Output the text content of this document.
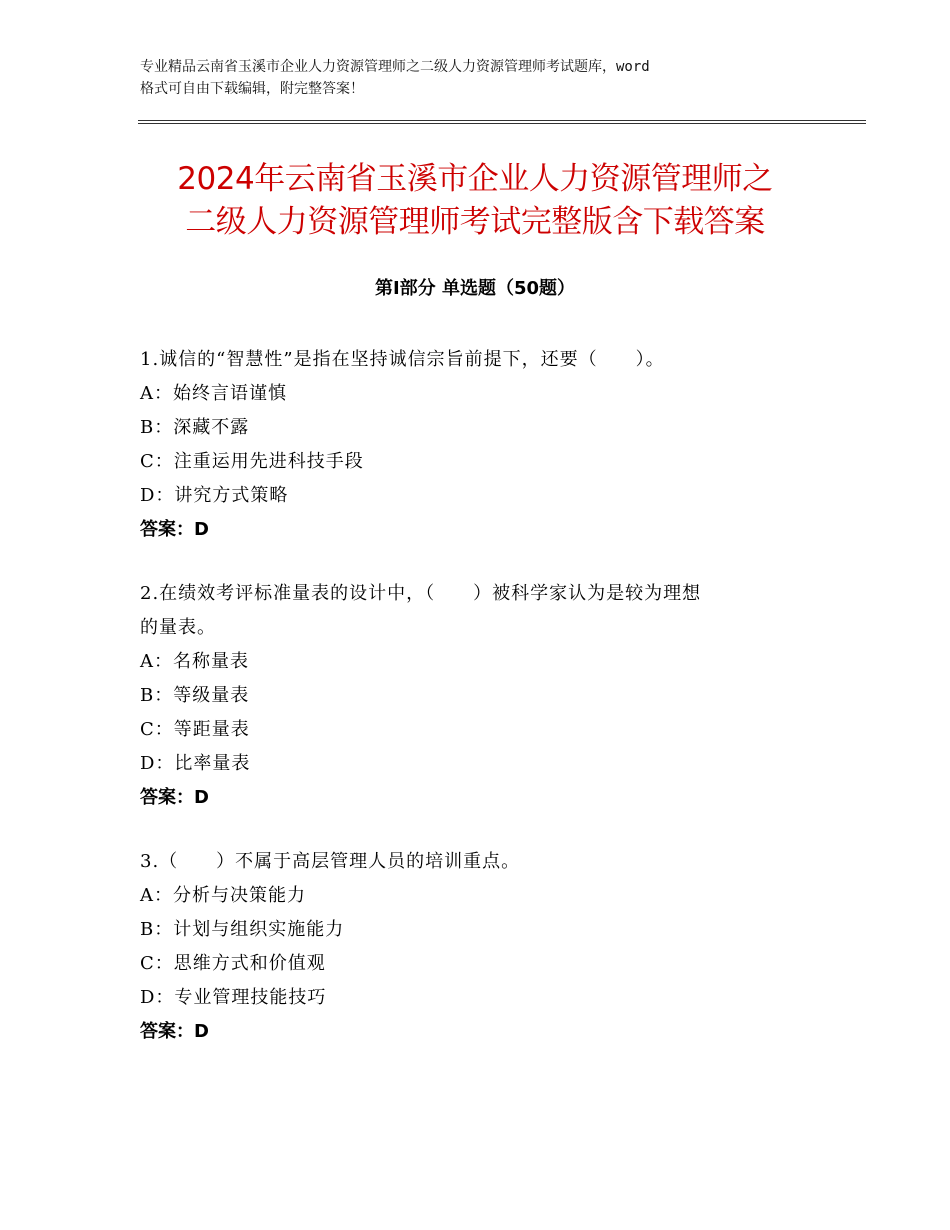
专业精品云南省玉溪市企业人力资源管理师之二级人力资源管理师考试题库，word
格式可自由下载编辑，附完整答案！
2024年云南省玉溪市企业人力资源管理师之
二级人力资源管理师考试完整版含下载答案
第Ⅰ部分 单选题（50题）
1.诚信的“智慧性”是指在坚持诚信宗旨前提下，还要（　　）。
A：始终言语谨慎
B：深藏不露
C：注重运用先进科技手段
D：讲究方式策略
答案：D
2.在绩效考评标准量表的设计中，（　　）被科学家认为是较为理想
的量表。
A：名称量表
B：等级量表
C：等距量表
D：比率量表
答案：D
3.（　　）不属于高层管理人员的培训重点。
A：分析与决策能力
B：计划与组织实施能力
C：思维方式和价值观
D：专业管理技能技巧
答案：D
